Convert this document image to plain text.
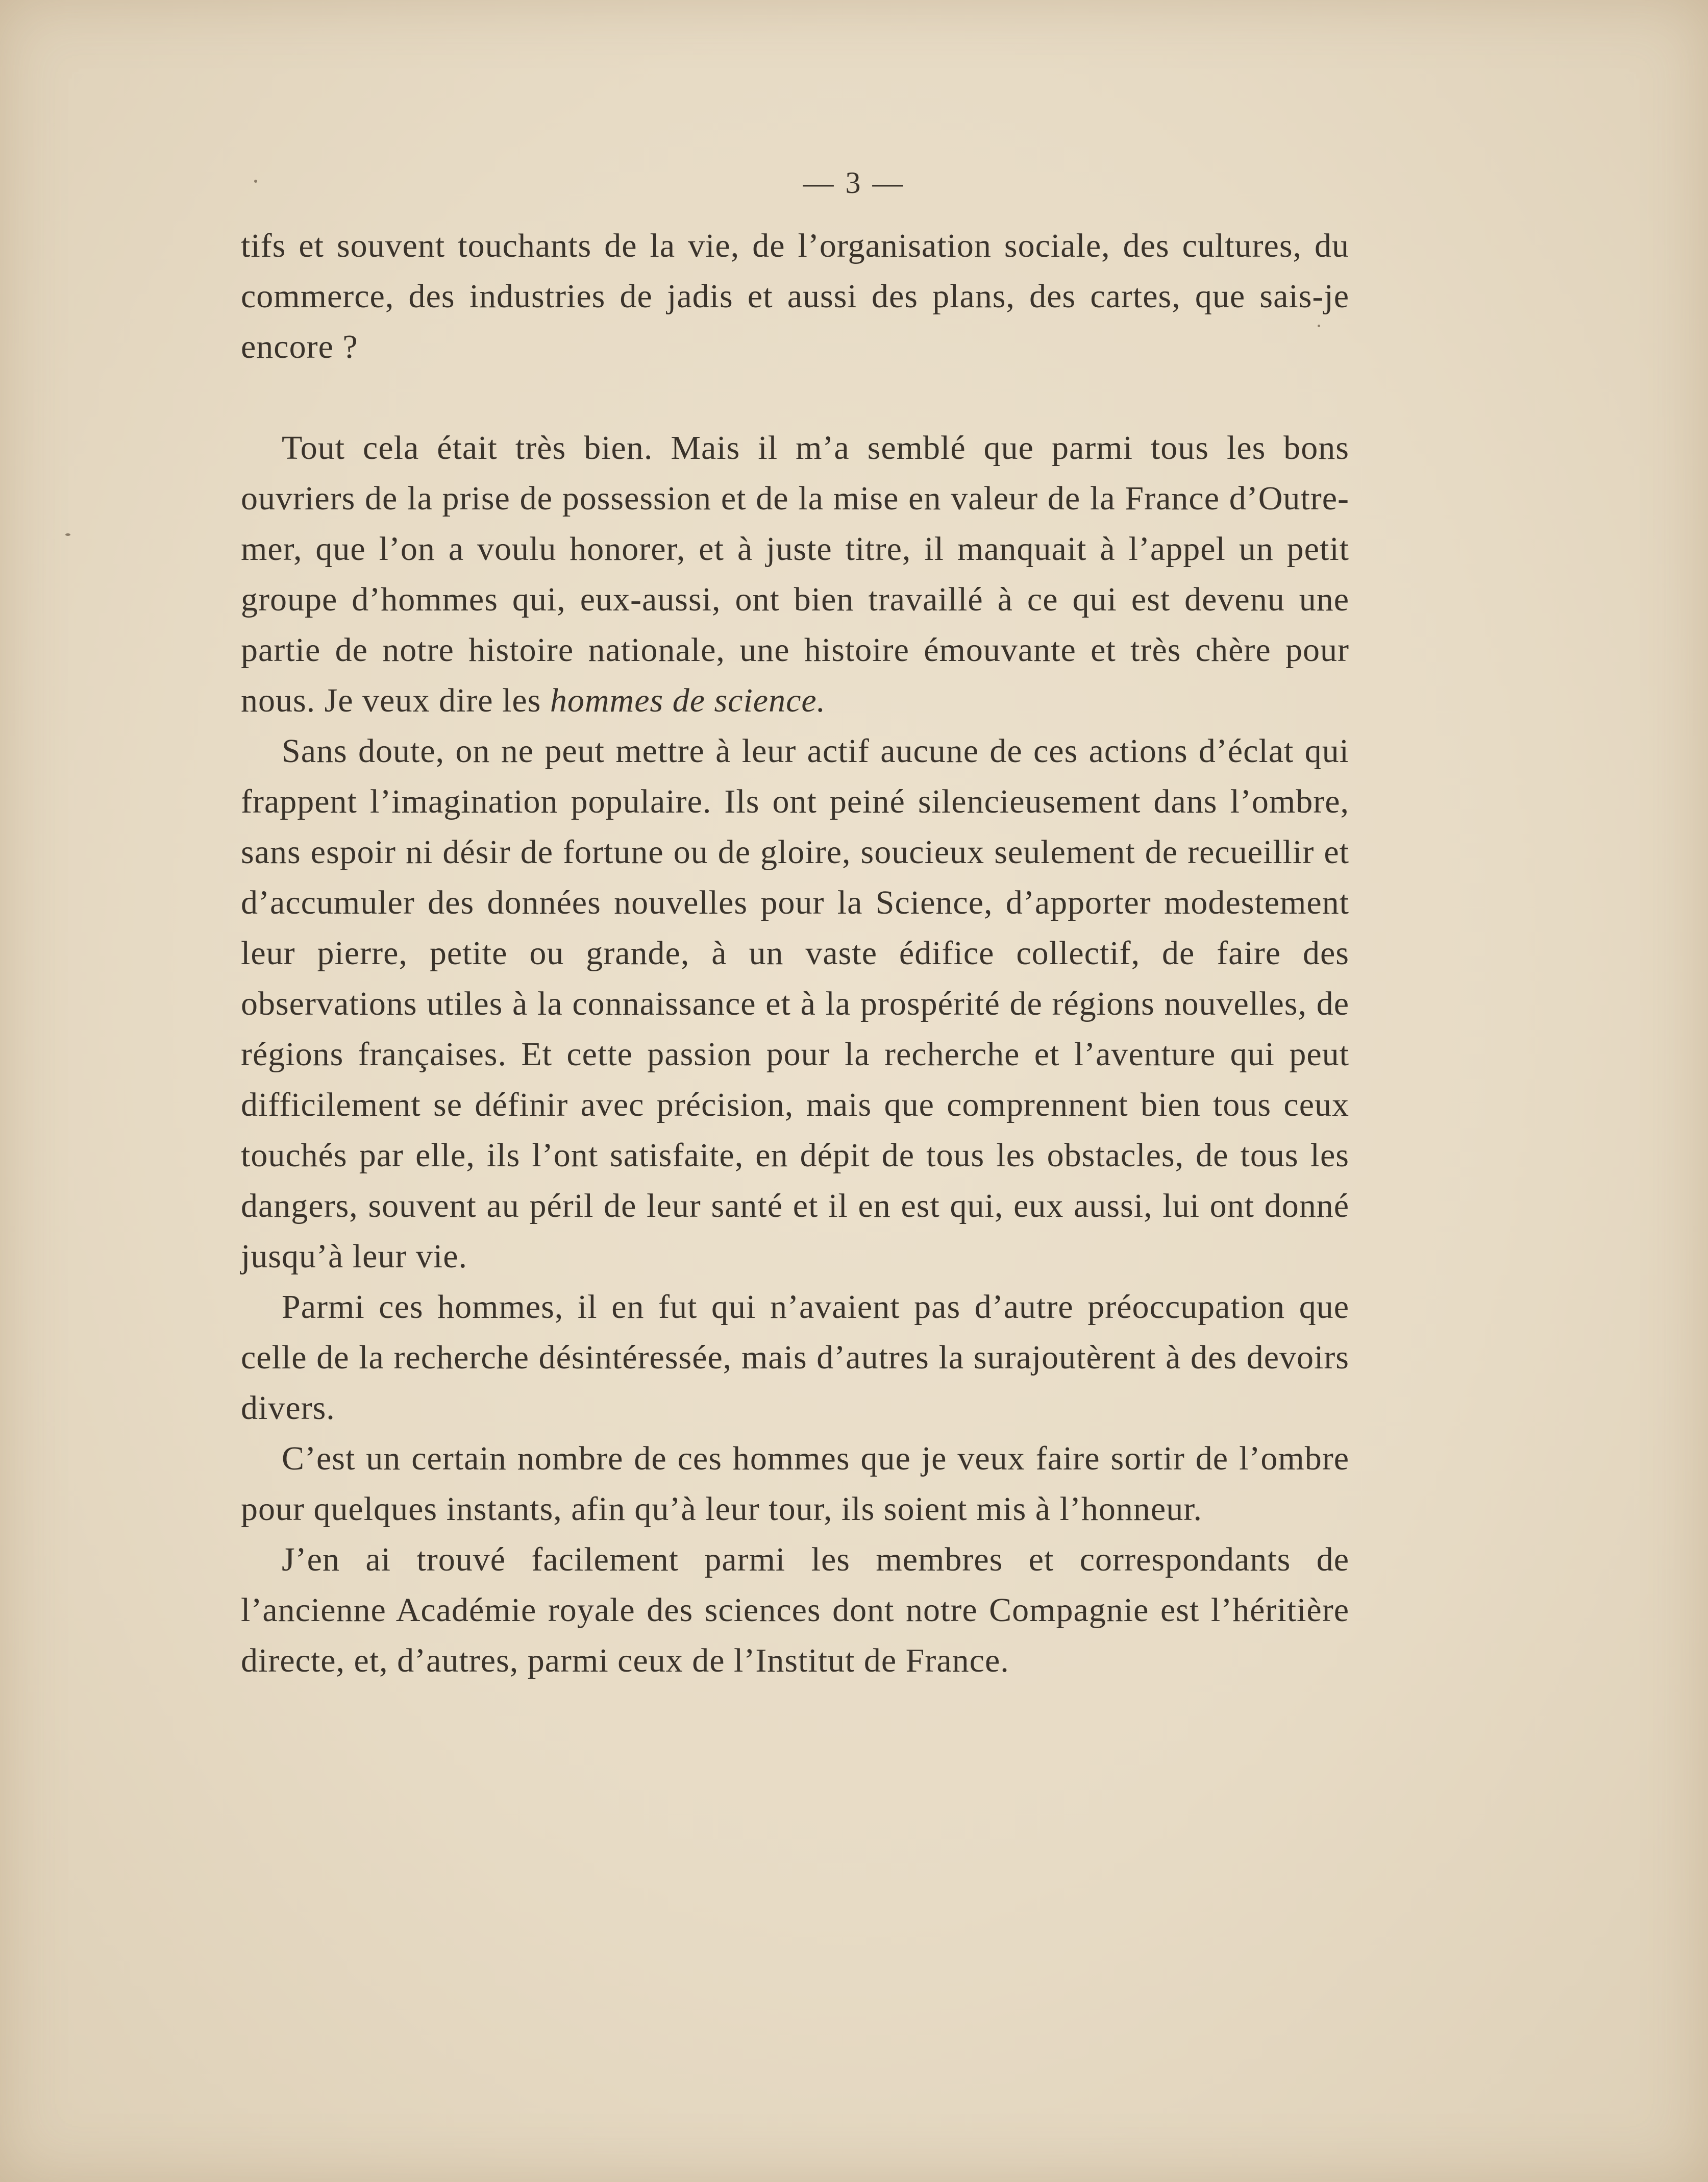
— 3 —

tifs et souvent touchants de la vie, de l’organisation sociale, des cultures, du commerce, des industries de jadis et aussi des plans, des cartes, que sais-je encore ?

Tout cela était très bien. Mais il m’a semblé que parmi tous les bons ouvriers de la prise de possession et de la mise en valeur de la France d’Outre-mer, que l’on a voulu honorer, et à juste titre, il manquait à l’appel un petit groupe d’hommes qui, eux-aussi, ont bien travaillé à ce qui est devenu une partie de notre histoire nationale, une histoire émouvante et très chère pour nous. Je veux dire les hommes de science.

Sans doute, on ne peut mettre à leur actif aucune de ces actions d’éclat qui frappent l’imagination populaire. Ils ont peiné silencieusement dans l’ombre, sans espoir ni désir de fortune ou de gloire, soucieux seulement de recueillir et d’accumuler des données nouvelles pour la Science, d’apporter modestement leur pierre, petite ou grande, à un vaste édifice collectif, de faire des observations utiles à la connaissance et à la prospérité de régions nouvelles, de régions françaises. Et cette passion pour la recherche et l’aventure qui peut difficilement se définir avec précision, mais que comprennent bien tous ceux touchés par elle, ils l’ont satisfaite, en dépit de tous les obstacles, de tous les dangers, souvent au péril de leur santé et il en est qui, eux aussi, lui ont donné jusqu’à leur vie.

Parmi ces hommes, il en fut qui n’avaient pas d’autre préoccupation que celle de la recherche désintéressée, mais d’autres la surajoutèrent à des devoirs divers.

C’est un certain nombre de ces hommes que je veux faire sortir de l’ombre pour quelques instants, afin qu’à leur tour, ils soient mis à l’honneur.

J’en ai trouvé facilement parmi les membres et correspondants de l’ancienne Académie royale des sciences dont notre Compagnie est l’héritière directe, et, d’autres, parmi ceux de l’Institut de France.
